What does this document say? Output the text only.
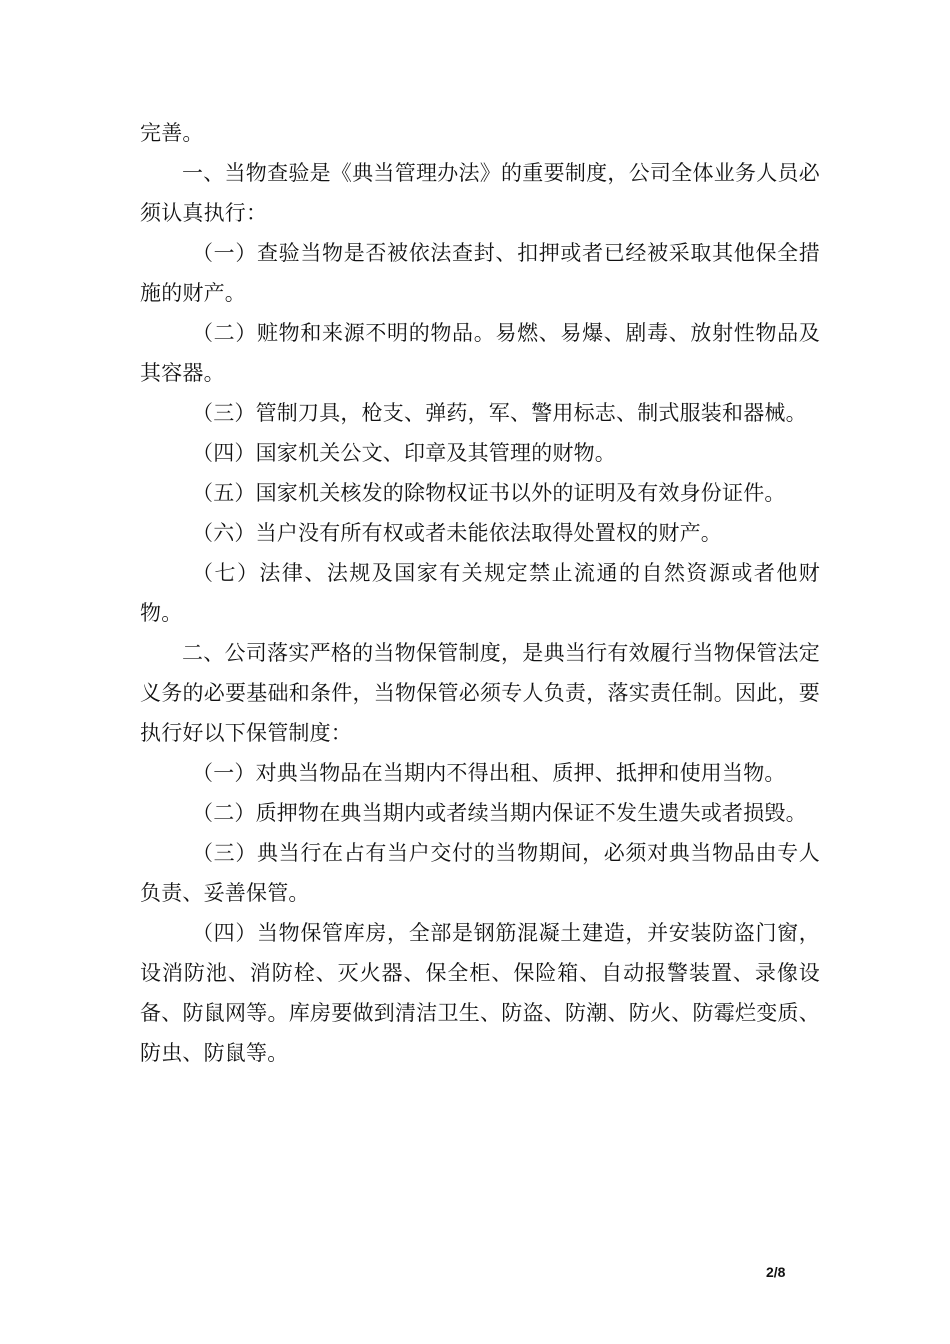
完善。

一、当物查验是《典当管理办法》的重要制度，公司全体业务人员必须认真执行：

（一）查验当物是否被依法查封、扣押或者已经被采取其他保全措施的财产。

（二）赃物和来源不明的物品。易燃、易爆、剧毒、放射性物品及其容器。

（三）管制刀具，枪支、弹药，军、警用标志、制式服装和器械。

（四）国家机关公文、印章及其管理的财物。

（五）国家机关核发的除物权证书以外的证明及有效身份证件。

（六）当户没有所有权或者未能依法取得处置权的财产。

（七）法律、法规及国家有关规定禁止流通的自然资源或者他财物。

二、公司落实严格的当物保管制度，是典当行有效履行当物保管法定义务的必要基础和条件，当物保管必须专人负责，落实责任制。因此，要执行好以下保管制度：

（一）对典当物品在当期内不得出租、质押、抵押和使用当物。

（二）质押物在典当期内或者续当期内保证不发生遗失或者损毁。

（三）典当行在占有当户交付的当物期间，必须对典当物品由专人负责、妥善保管。

（四）当物保管库房，全部是钢筋混凝土建造，并安装防盗门窗，设消防池、消防栓、灭火器、保全柜、保险箱、自动报警装置、录像设备、防鼠网等。库房要做到清洁卫生、防盗、防潮、防火、防霉烂变质、防虫、防鼠等。

2/8
